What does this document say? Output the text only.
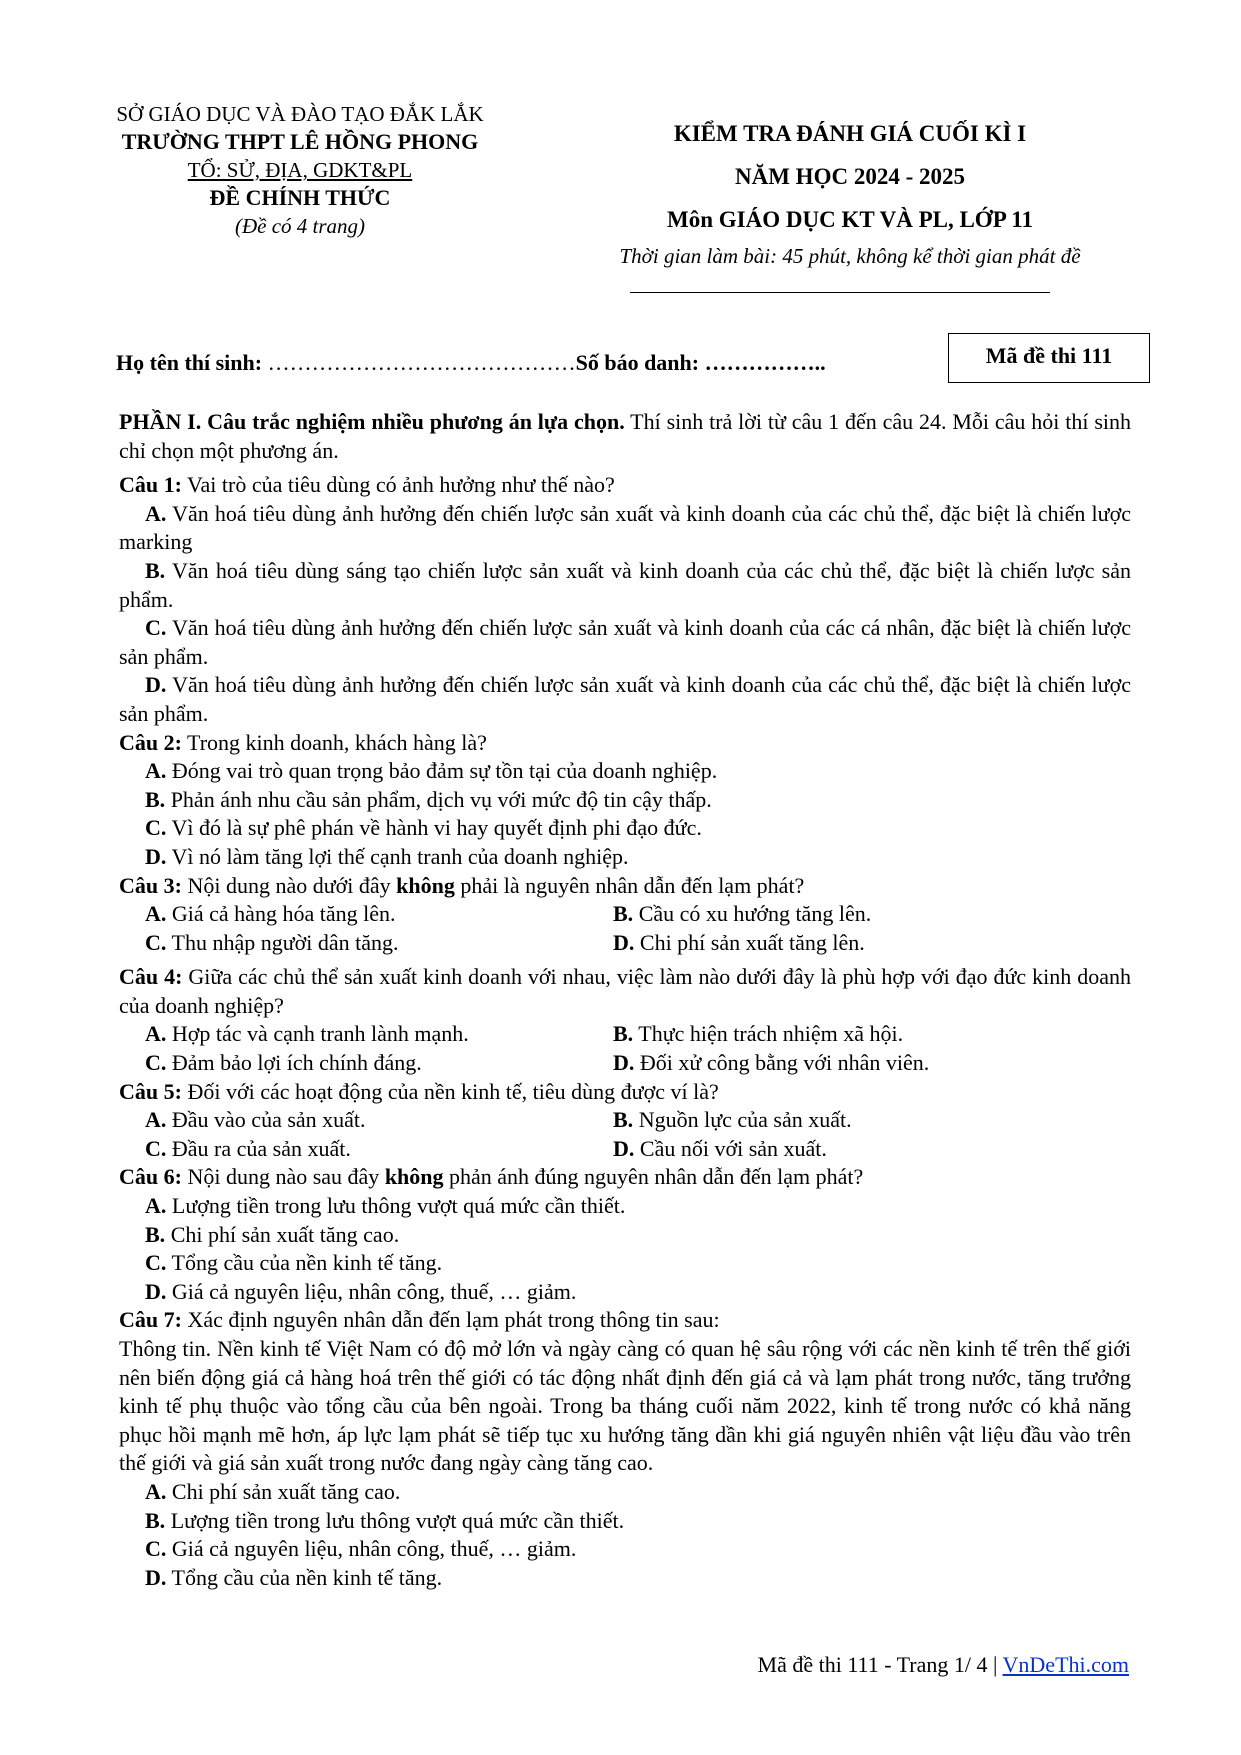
SỞ GIÁO DỤC VÀ ĐÀO TẠO ĐẮK LẮK
TRƯỜNG THPT LÊ HỒNG PHONG
TỔ: SỬ, ĐỊA, GDKT&PL
ĐỀ CHÍNH THỨC
(Đề có 4 trang)
KIỂM TRA ĐÁNH GIÁ CUỐI KÌ I
NĂM HỌC 2024 - 2025
Môn GIÁO DỤC KT VÀ PL, LỚP 11
Thời gian làm bài: 45 phút, không kể thời gian phát đề
Họ tên thí sinh: ……………………………………Số báo danh: ……………..	Mã đề thi 111

PHẦN I. Câu trắc nghiệm nhiều phương án lựa chọn. Thí sinh trả lời từ câu 1 đến câu 24. Mỗi câu hỏi thí sinh chỉ chọn một phương án.

Câu 1: Vai trò của tiêu dùng có ảnh hưởng như thế nào?

A. Văn hoá tiêu dùng ảnh hưởng đến chiến lược sản xuất và kinh doanh của các chủ thể, đặc biệt là chiến lược marking

B. Văn hoá tiêu dùng sáng tạo chiến lược sản xuất và kinh doanh của các chủ thể, đặc biệt là chiến lược sản phẩm.

C. Văn hoá tiêu dùng ảnh hưởng đến chiến lược sản xuất và kinh doanh của các cá nhân, đặc biệt là chiến lược sản phẩm.

D. Văn hoá tiêu dùng ảnh hưởng đến chiến lược sản xuất và kinh doanh của các chủ thể, đặc biệt là chiến lược sản phẩm.

Câu 2: Trong kinh doanh, khách hàng là?

A. Đóng vai trò quan trọng bảo đảm sự tồn tại của doanh nghiệp.

B. Phản ánh nhu cầu sản phẩm, dịch vụ với mức độ tin cậy thấp.

C. Vì đó là sự phê phán về hành vi hay quyết định phi đạo đức.

D. Vì nó làm tăng lợi thế cạnh tranh của doanh nghiệp.

Câu 3: Nội dung nào dưới đây không phải là nguyên nhân dẫn đến lạm phát?

A. Giá cả hàng hóa tăng lên.	B. Cầu có xu hướng tăng lên.
C. Thu nhập người dân tăng.	D. Chi phí sản xuất tăng lên.

Câu 4: Giữa các chủ thể sản xuất kinh doanh với nhau, việc làm nào dưới đây là phù hợp với đạo đức kinh doanh của doanh nghiệp?

A. Hợp tác và cạnh tranh lành mạnh.	B. Thực hiện trách nhiệm xã hội.
C. Đảm bảo lợi ích chính đáng.	D. Đối xử công bằng với nhân viên.

Câu 5: Đối với các hoạt động của nền kinh tế, tiêu dùng được ví là?

A. Đầu vào của sản xuất.	B. Nguồn lực của sản xuất.
C. Đầu ra của sản xuất.	D. Cầu nối với sản xuất.

Câu 6: Nội dung nào sau đây không phản ánh đúng nguyên nhân dẫn đến lạm phát?

A. Lượng tiền trong lưu thông vượt quá mức cần thiết.

B. Chi phí sản xuất tăng cao.

C. Tổng cầu của nền kinh tế tăng.

D. Giá cả nguyên liệu, nhân công, thuế, … giảm.

Câu 7: Xác định nguyên nhân dẫn đến lạm phát trong thông tin sau:

Thông tin. Nền kinh tế Việt Nam có độ mở lớn và ngày càng có quan hệ sâu rộng với các nền kinh tế trên thế giới nên biến động giá cả hàng hoá trên thế giới có tác động nhất định đến giá cả và lạm phát trong nước, tăng trưởng kinh tế phụ thuộc vào tổng cầu của bên ngoài. Trong ba tháng cuối năm 2022, kinh tế trong nước có khả năng phục hồi mạnh mẽ hơn, áp lực lạm phát sẽ tiếp tục xu hướng tăng dần khi giá nguyên nhiên vật liệu đầu vào trên thế giới và giá sản xuất trong nước đang ngày càng tăng cao.

A. Chi phí sản xuất tăng cao.

B. Lượng tiền trong lưu thông vượt quá mức cần thiết.

C. Giá cả nguyên liệu, nhân công, thuế, … giảm.

D. Tổng cầu của nền kinh tế tăng.

Mã đề thi 111 - Trang 1/ 4 | VnDeThi.com
